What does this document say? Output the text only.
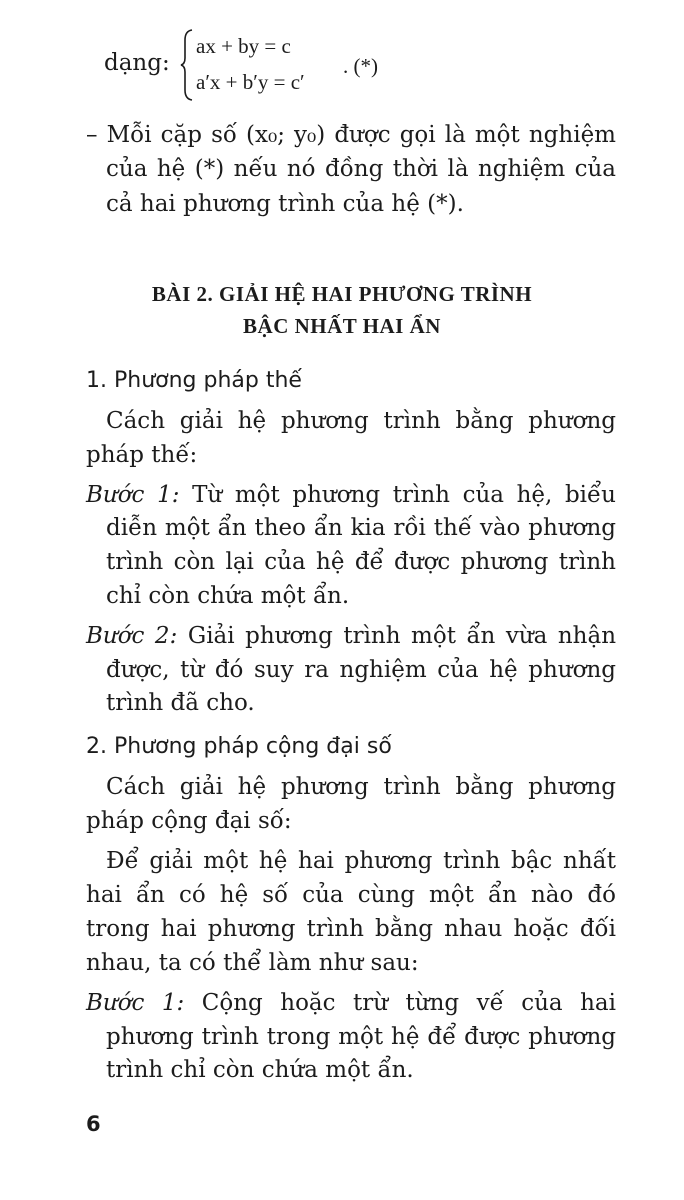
dạng:
ax + by = c
a′x + b′y = c′
. (*)
– Mỗi cặp số (x₀; y₀) được gọi là một nghiệm
của hệ (*) nếu nó đồng thời là nghiệm của
cả hai phương trình của hệ (*).
BÀI 2. GIẢI HỆ HAI PHƯƠNG TRÌNH
BẬC NHẤT HAI ẨN
1. Phương pháp thế
Cách giải hệ phương trình bằng phương
pháp thế:
Bước 1: Từ một phương trình của hệ, biểu
diễn một ẩn theo ẩn kia rồi thế vào phương
trình còn lại của hệ để được phương trình
chỉ còn chứa một ẩn.
Bước 2: Giải phương trình một ẩn vừa nhận
được, từ đó suy ra nghiệm của hệ phương
trình đã cho.
2. Phương pháp cộng đại số
Cách giải hệ phương trình bằng phương
pháp cộng đại số:
Để giải một hệ hai phương trình bậc nhất
hai ẩn có hệ số của cùng một ẩn nào đó
trong hai phương trình bằng nhau hoặc đối
nhau, ta có thể làm như sau:
Bước 1: Cộng hoặc trừ từng vế của hai
phương trình trong một hệ để được phương
trình chỉ còn chứa một ẩn.
6
